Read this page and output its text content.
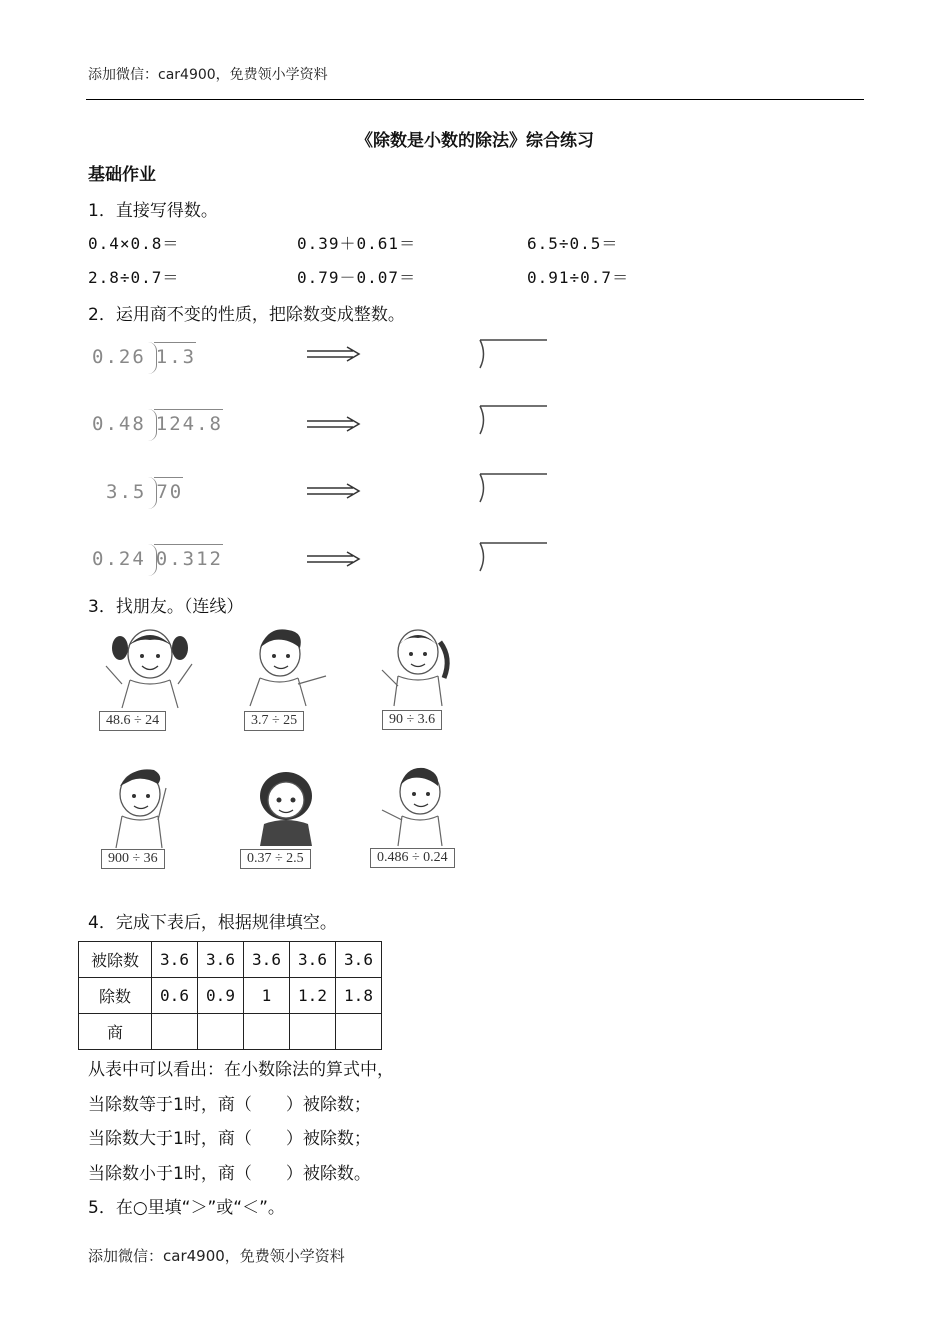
添加微信：car4900，免费领小学资料
《除数是小数的除法》综合练习
基础作业
1．直接写得数。
0.4×0.8＝	0.39＋0.61＝	6.5÷0.5＝
2.8÷0.7＝	0.79－0.07＝	0.91÷0.7＝
2．运用商不变的性质，把除数变成整数。
0.26 1.3
0.48 124.8
3.5 70
0.24 0.312
3．找朋友。（连线）
48.6 ÷ 24	3.7 ÷ 25	90 ÷ 3.6
900 ÷ 36	0.37 ÷ 2.5	0.486 ÷ 0.24
4．完成下表后，根据规律填空。
被除数	3.6	3.6	3.6	3.6	3.6
除数	0.6	0.9	1	1.2	1.8
商					
从表中可以看出：在小数除法的算式中，
当除数等于1时，商（　　）被除数；
当除数大于1时，商（　　）被除数；
当除数小于1时，商（　　）被除数。
5．在○里填“＞”或“＜”。
添加微信：car4900，免费领小学资料
